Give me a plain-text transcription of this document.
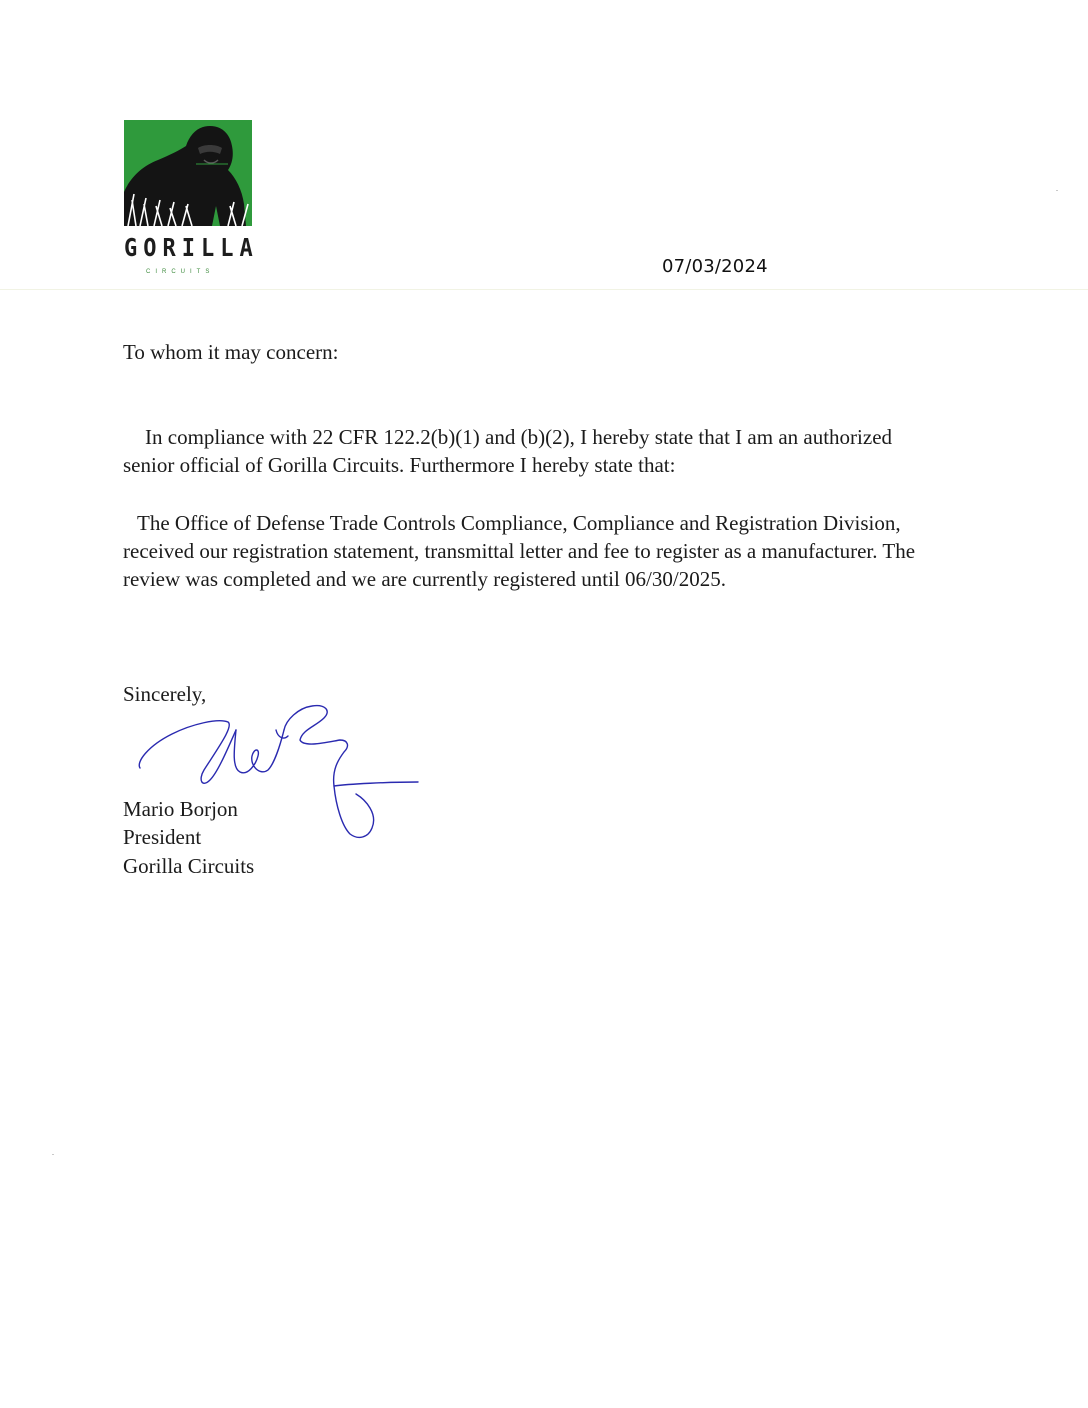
GORILLA
CIRCUITS	07/03/2024
To whom it may concern:
In compliance with 22 CFR 122.2(b)(1) and (b)(2), I hereby state that I am an authorized senior official of Gorilla Circuits. Furthermore I hereby state that:
The Office of Defense Trade Controls Compliance, Compliance and Registration Division, received our registration statement, transmittal letter and fee to register as a manufacturer. The review was completed and we are currently registered until 06/30/2025.
Sincerely,
Mario Borjon
President
Gorilla Circuits
